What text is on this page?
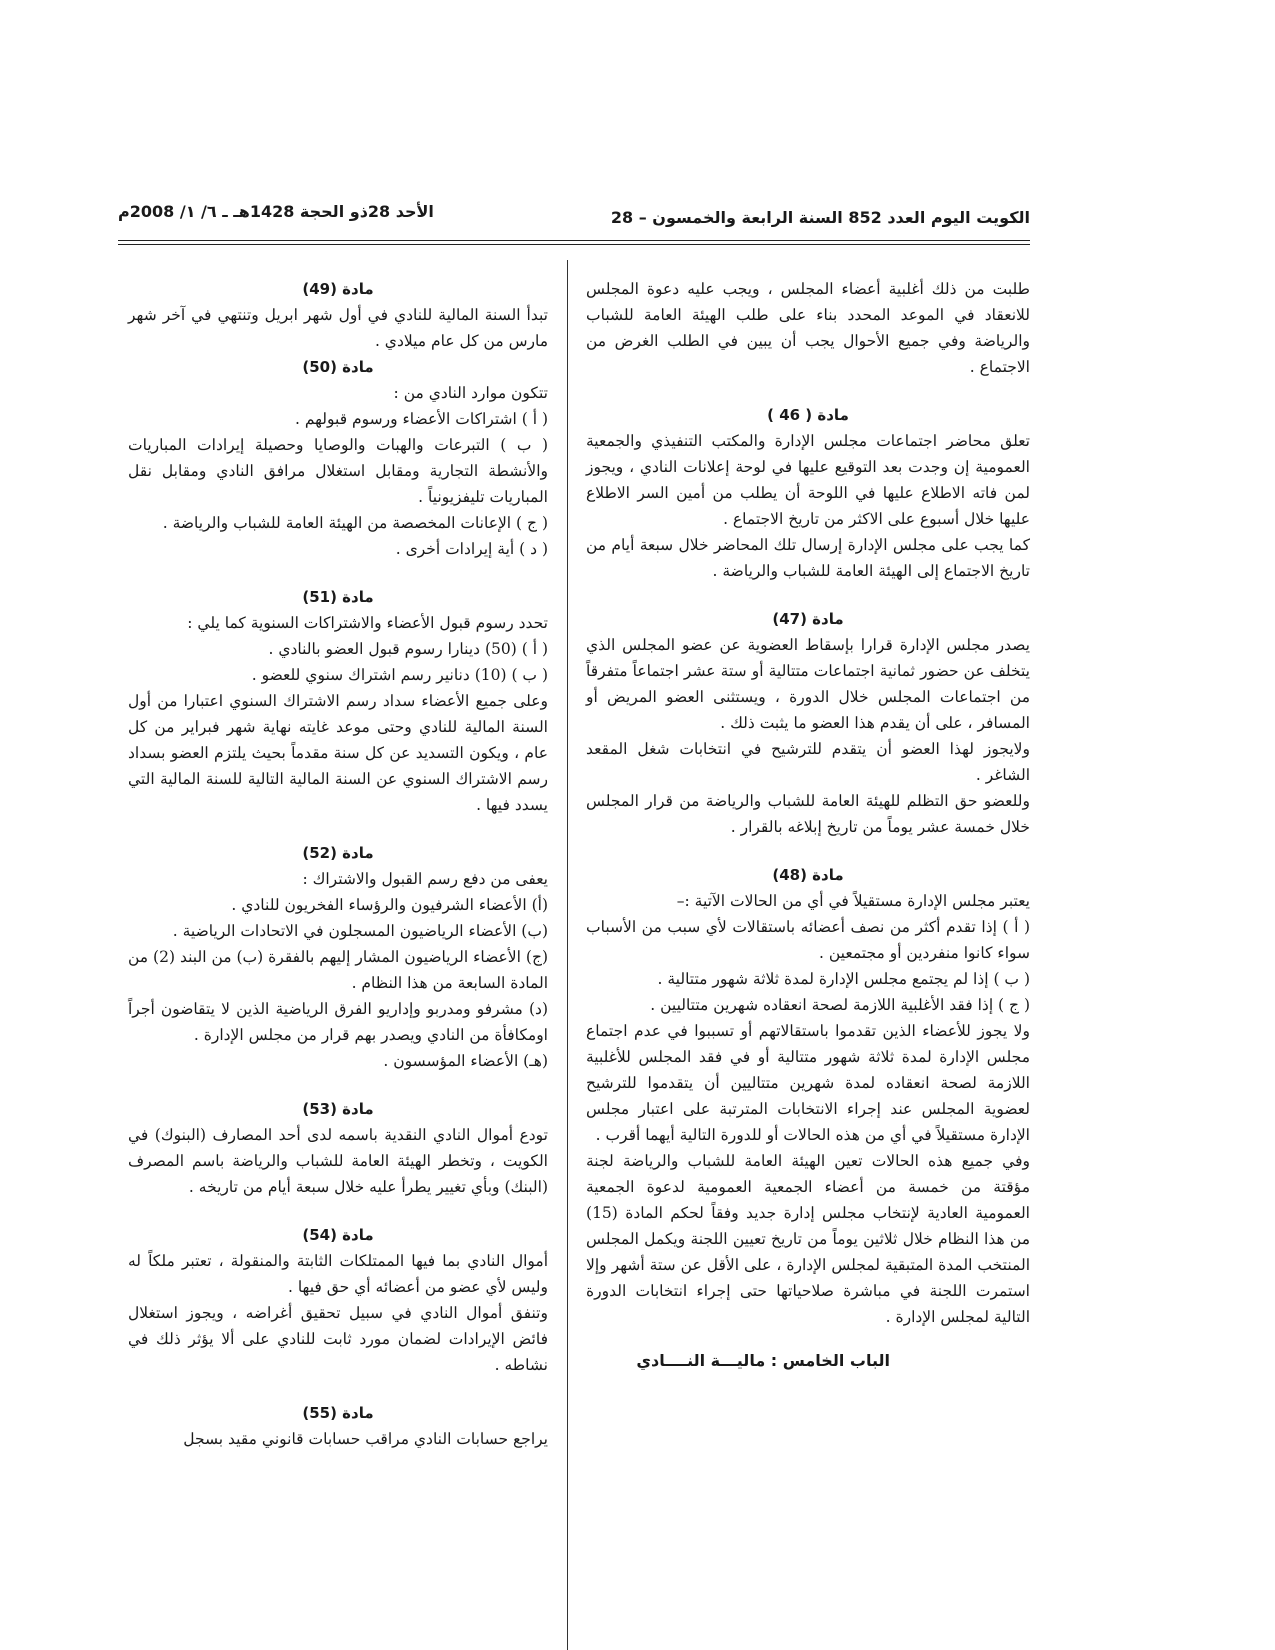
الكويت اليوم العدد 852 السنة الرابعة والخمسون – 28
الأحد 28ذو الحجة 1428هـ ـ ٦/ ١/ 2008م

طلبت من ذلك أغلبية أعضاء المجلس ، ويجب عليه دعوة المجلس للانعقاد في الموعد المحدد بناء على طلب الهيئة العامة للشباب والرياضة وفي جميع الأحوال يجب أن يبين في الطلب الغرض من الاجتماع .

مادة ( 46 )

تعلق محاضر اجتماعات مجلس الإدارة والمكتب التنفيذي والجمعية العمومية إن وجدت بعد التوقيع عليها في لوحة إعلانات النادي ، ويجوز لمن فاته الاطلاع عليها في اللوحة أن يطلب من أمين السر الاطلاع عليها خلال أسبوع على الاكثر من تاريخ الاجتماع .

كما يجب على مجلس الإدارة إرسال تلك المحاضر خلال سبعة أيام من تاريخ الاجتماع إلى الهيئة العامة للشباب والرياضة .

مادة (47)

يصدر مجلس الإدارة قرارا بإسقاط العضوية عن عضو المجلس الذي يتخلف عن حضور ثمانية اجتماعات متتالية أو ستة عشر اجتماعاً متفرقاً من اجتماعات المجلس خلال الدورة ، ويستثنى العضو المريض أو المسافر ، على أن يقدم هذا العضو ما يثبت ذلك .

ولايجوز لهذا العضو أن يتقدم للترشيح في انتخابات شغل المقعد الشاغر .

وللعضو حق التظلم للهيئة العامة للشباب والرياضة من قرار المجلس خلال خمسة عشر يوماً من تاريخ إبلاغه بالقرار .

مادة (48)

يعتبر مجلس الإدارة مستقيلاً في أي من الحالات الآتية :–

( أ ) إذا تقدم أكثر من نصف أعضائه باستقالات لأي سبب من الأسباب سواء كانوا منفردين أو مجتمعين .

( ب ) إذا لم يجتمع مجلس الإدارة لمدة ثلاثة شهور متتالية .

( ج ) إذا فقد الأغلبية اللازمة لصحة انعقاده شهرين متتاليين .

ولا يجوز للأعضاء الذين تقدموا باستقالاتهم أو تسببوا في عدم اجتماع مجلس الإدارة لمدة ثلاثة شهور متتالية أو في فقد المجلس للأغلبية اللازمة لصحة انعقاده لمدة شهرين متتاليين أن يتقدموا للترشيح لعضوية المجلس عند إجراء الانتخابات المترتبة على اعتبار مجلس الإدارة مستقيلاً في أي من هذه الحالات أو للدورة التالية أيهما أقرب .

وفي جميع هذه الحالات تعين الهيئة العامة للشباب والرياضة لجنة مؤقتة من خمسة من أعضاء الجمعية العمومية لدعوة الجمعية العمومية العادية لإنتخاب مجلس إدارة جديد وفقاً لحكم المادة (15) من هذا النظام خلال ثلاثين يوماً من تاريخ تعيين اللجنة ويكمل المجلس المنتخب المدة المتبقية لمجلس الإدارة ، على الأقل عن ستة أشهر وإلا استمرت اللجنة في مباشرة صلاحياتها حتى إجراء انتخابات الدورة التالية لمجلس الإدارة .

الباب الخامس : ماليـــة النــــادي

مادة (49)

تبدأ السنة المالية للنادي في أول شهر ابريل وتنتهي في آخر شهر مارس من كل عام ميلادي .

مادة (50)

تتكون موارد النادي من :

( أ ) اشتراكات الأعضاء ورسوم قبولهم .

( ب ) التبرعات والهبات والوصايا وحصيلة إيرادات المباريات والأنشطة التجارية ومقابل استغلال مرافق النادي ومقابل نقل المباريات تليفزيونياً .

( ج ) الإعانات المخصصة من الهيئة العامة للشباب والرياضة .

( د ) أية إيرادات أخرى .

مادة (51)

تحدد رسوم قبول الأعضاء والاشتراكات السنوية كما يلي :

( أ ) (50) دينارا رسوم قبول العضو بالنادي .

( ب ) (10) دنانير رسم اشتراك سنوي للعضو .

وعلى جميع الأعضاء سداد رسم الاشتراك السنوي اعتبارا من أول السنة المالية للنادي وحتى موعد غايته نهاية شهر فبراير من كل عام ، ويكون التسديد عن كل سنة مقدماً بحيث يلتزم العضو بسداد رسم الاشتراك السنوي عن السنة المالية التالية للسنة المالية التي يسدد فيها .

مادة (52)

يعفى من دفع رسم القبول والاشتراك :

(أ) الأعضاء الشرفيون والرؤساء الفخريون للنادي .

(ب) الأعضاء الرياضيون المسجلون في الاتحادات الرياضية .

(ج) الأعضاء الرياضيون المشار إليهم بالفقرة (ب) من البند (2) من المادة السابعة من هذا النظام .

(د) مشرفو ومدربو وإداريو الفرق الرياضية الذين لا يتقاضون أجراً اومكافأة من النادي ويصدر بهم قرار من مجلس الإدارة .

(هـ) الأعضاء المؤسسون .

مادة (53)

تودع أموال النادي النقدية باسمه لدى أحد المصارف (البنوك) في الكويت ، وتخطر الهيئة العامة للشباب والرياضة باسم المصرف (البنك) وبأي تغيير يطرأ عليه خلال سبعة أيام من تاريخه .

مادة (54)

أموال النادي بما فيها الممتلكات الثابتة والمنقولة ، تعتبر ملكاً له وليس لأي عضو من أعضائه أي حق فيها .

وتنفق أموال النادي في سبيل تحقيق أغراضه ، ويجوز استغلال فائض الإيرادات لضمان مورد ثابت للنادي على ألا يؤثر ذلك في نشاطه .

مادة (55)

يراجع حسابات النادي مراقب حسابات قانوني مقيد بسجل
